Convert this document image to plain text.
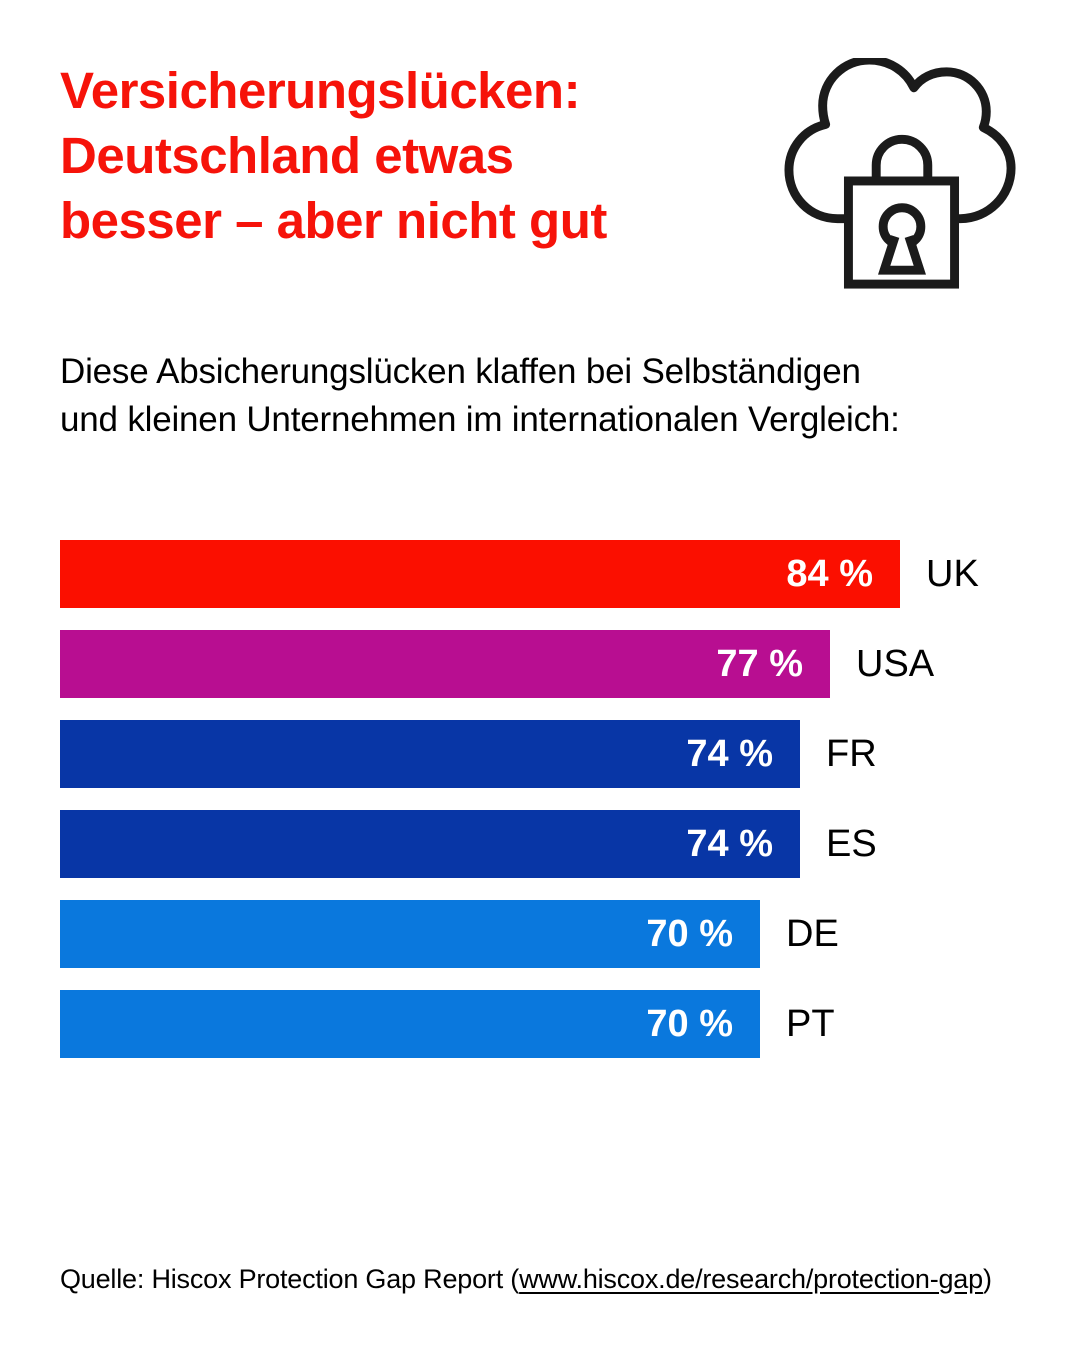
Versicherungslücken:
Deutschland etwas
besser – aber nicht gut

Diese Absicherungslücken klaffen bei Selbständigen
und kleinen Unternehmen im internationalen Vergleich:

84 % UK
77 % USA
74 % FR
74 % ES
70 % DE
70 % PT
Quelle: Hiscox Protection Gap Report (www.hiscox.de/research/protection-gap)
